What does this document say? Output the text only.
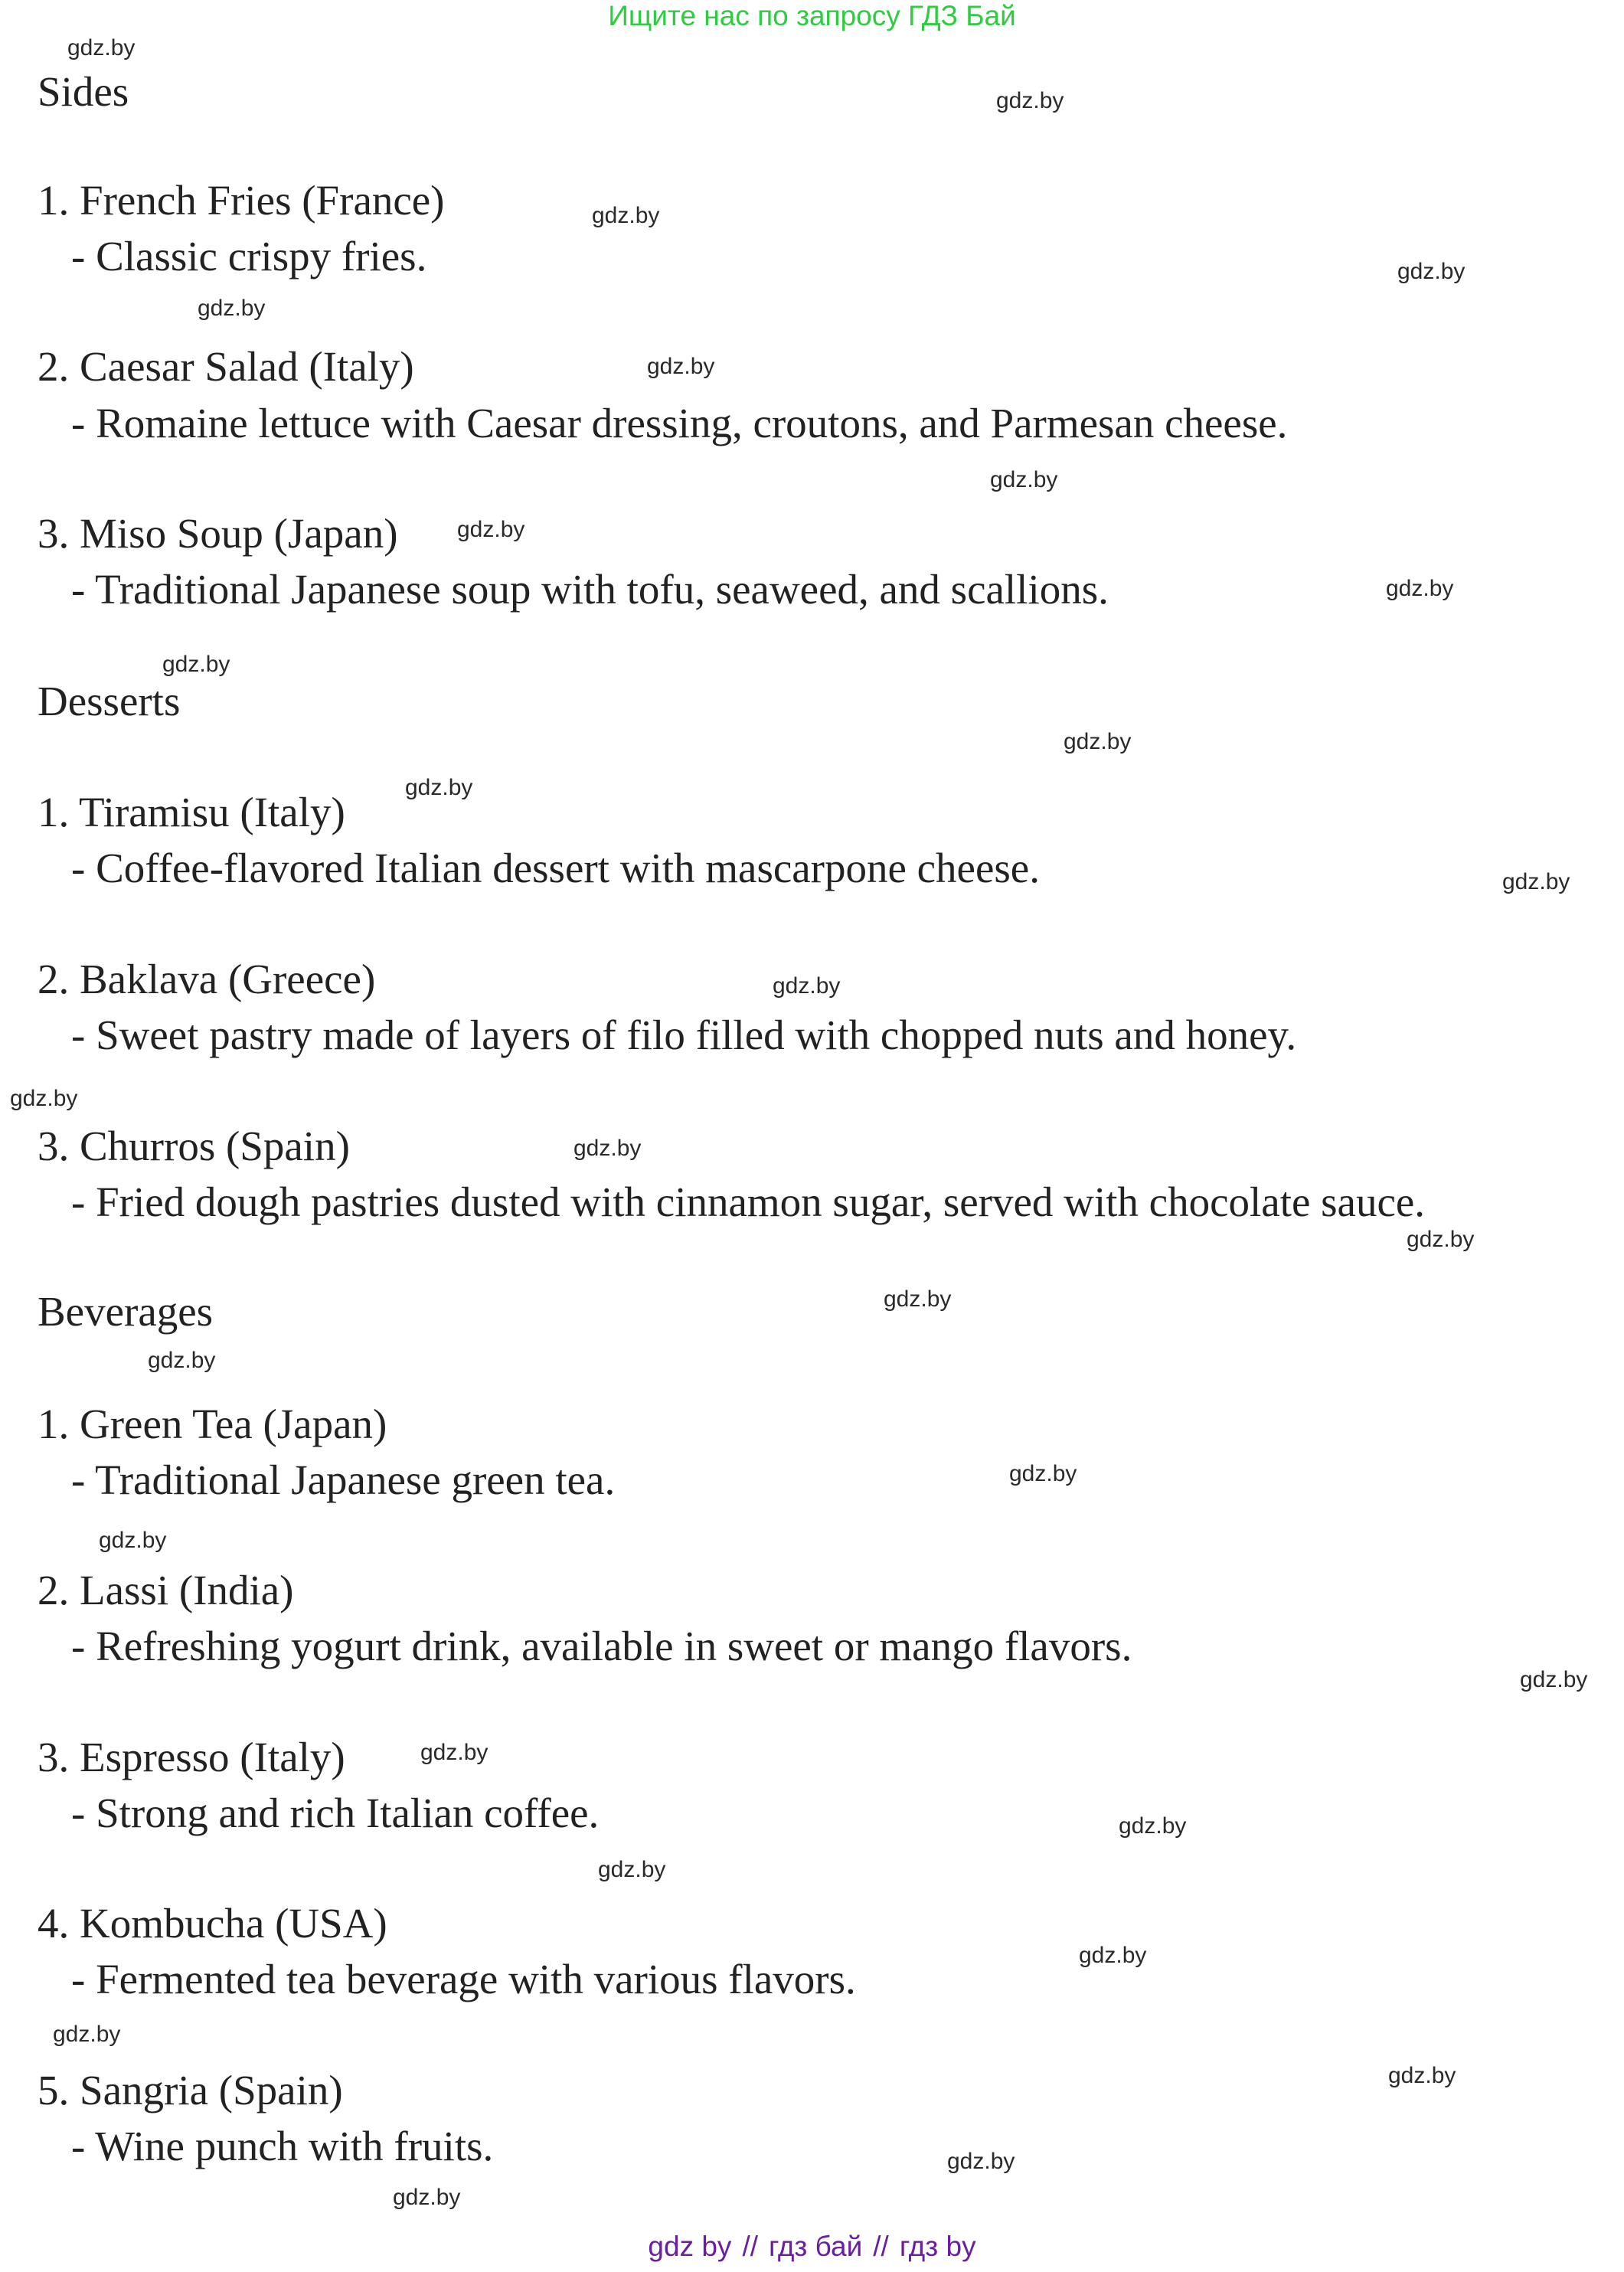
Ищите нас по запросу ГДЗ Бай
Sides
1. French Fries (France)
- Classic crispy fries.
2. Caesar Salad (Italy)
- Romaine lettuce with Caesar dressing, croutons, and Parmesan cheese.
3. Miso Soup (Japan)
- Traditional Japanese soup with tofu, seaweed, and scallions.
Desserts
1. Tiramisu (Italy)
- Coffee-flavored Italian dessert with mascarpone cheese.
2. Baklava (Greece)
- Sweet pastry made of layers of filo filled with chopped nuts and honey.
3. Churros (Spain)
- Fried dough pastries dusted with cinnamon sugar, served with chocolate sauce.
Beverages
1. Green Tea (Japan)
- Traditional Japanese green tea.
2. Lassi (India)
- Refreshing yogurt drink, available in sweet or mango flavors.
3. Espresso (Italy)
- Strong and rich Italian coffee.
4. Kombucha (USA)
- Fermented tea beverage with various flavors.
5. Sangria (Spain)
- Wine punch with fruits.
gdz.by
gdz.by
gdz.by
gdz.by
gdz.by
gdz.by
gdz.by
gdz.by
gdz.by
gdz.by
gdz.by
gdz.by
gdz.by
gdz.by
gdz.by
gdz.by
gdz.by
gdz.by
gdz.by
gdz.by
gdz.by
gdz.by
gdz.by
gdz.by
gdz.by
gdz.by
gdz.by
gdz.by
gdz.by
gdz.by
gdz by // гдз бай // гдз by
